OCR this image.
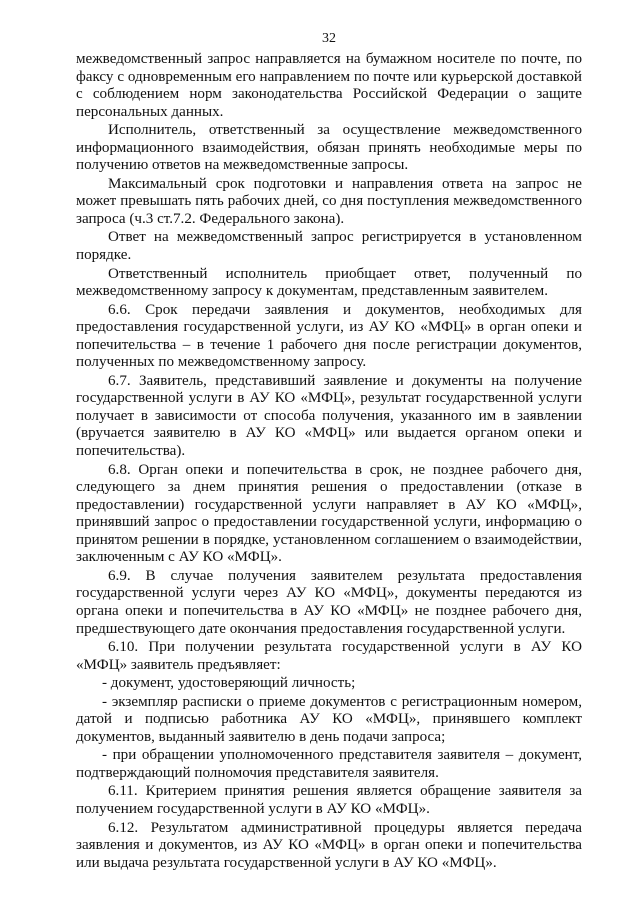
32

межведомственный запрос направляется на бумажном носителе по почте, по факсу с одновременным его направлением по почте или курьерской доставкой с соблюдением норм законодательства Российской Федерации о защите персональных данных.

Исполнитель, ответственный за осуществление межведомственного информационного взаимодействия, обязан принять необходимые меры по получению ответов на межведомственные запросы.

Максимальный срок подготовки и направления ответа на запрос не может превышать пять рабочих дней, со дня поступления межведомственного запроса (ч.3 ст.7.2. Федерального закона).

Ответ на межведомственный запрос регистрируется в установленном порядке.

Ответственный исполнитель приобщает ответ, полученный по межведомственному запросу к документам, представленным заявителем.

6.6. Срок передачи заявления и документов, необходимых для предоставления государственной услуги, из АУ КО «МФЦ» в орган опеки и попечительства – в течение 1 рабочего дня после регистрации документов, полученных по межведомственному запросу.

6.7. Заявитель, представивший заявление и документы на получение государственной услуги в АУ КО «МФЦ», результат государственной услуги получает в зависимости от способа получения, указанного им в заявлении (вручается заявителю в АУ КО «МФЦ» или выдается органом опеки и попечительства).

6.8. Орган опеки и попечительства в срок, не позднее рабочего дня, следующего за днем принятия решения о предоставлении (отказе в предоставлении) государственной услуги направляет в АУ КО «МФЦ», принявший запрос о предоставлении государственной услуги, информацию о принятом решении в порядке, установленном соглашением о взаимодействии, заключенным с АУ КО «МФЦ».

6.9. В случае получения заявителем результата предоставления государственной услуги через АУ КО «МФЦ», документы передаются из органа опеки и попечительства в АУ КО «МФЦ» не позднее рабочего дня, предшествующего дате окончания предоставления государственной услуги.

6.10. При получении результата государственной услуги в АУ КО «МФЦ» заявитель предъявляет:

- документ, удостоверяющий личность;

- экземпляр расписки о приеме документов с регистрационным номером, датой и подписью работника АУ КО «МФЦ», принявшего комплект документов, выданный заявителю в день подачи запроса;

- при обращении уполномоченного представителя заявителя – документ, подтверждающий полномочия представителя заявителя.

6.11. Критерием принятия решения является обращение заявителя за получением государственной услуги в АУ КО «МФЦ».

6.12. Результатом административной процедуры является передача заявления и документов, из АУ КО «МФЦ» в орган опеки и попечительства или выдача результата государственной услуги в АУ КО «МФЦ».
